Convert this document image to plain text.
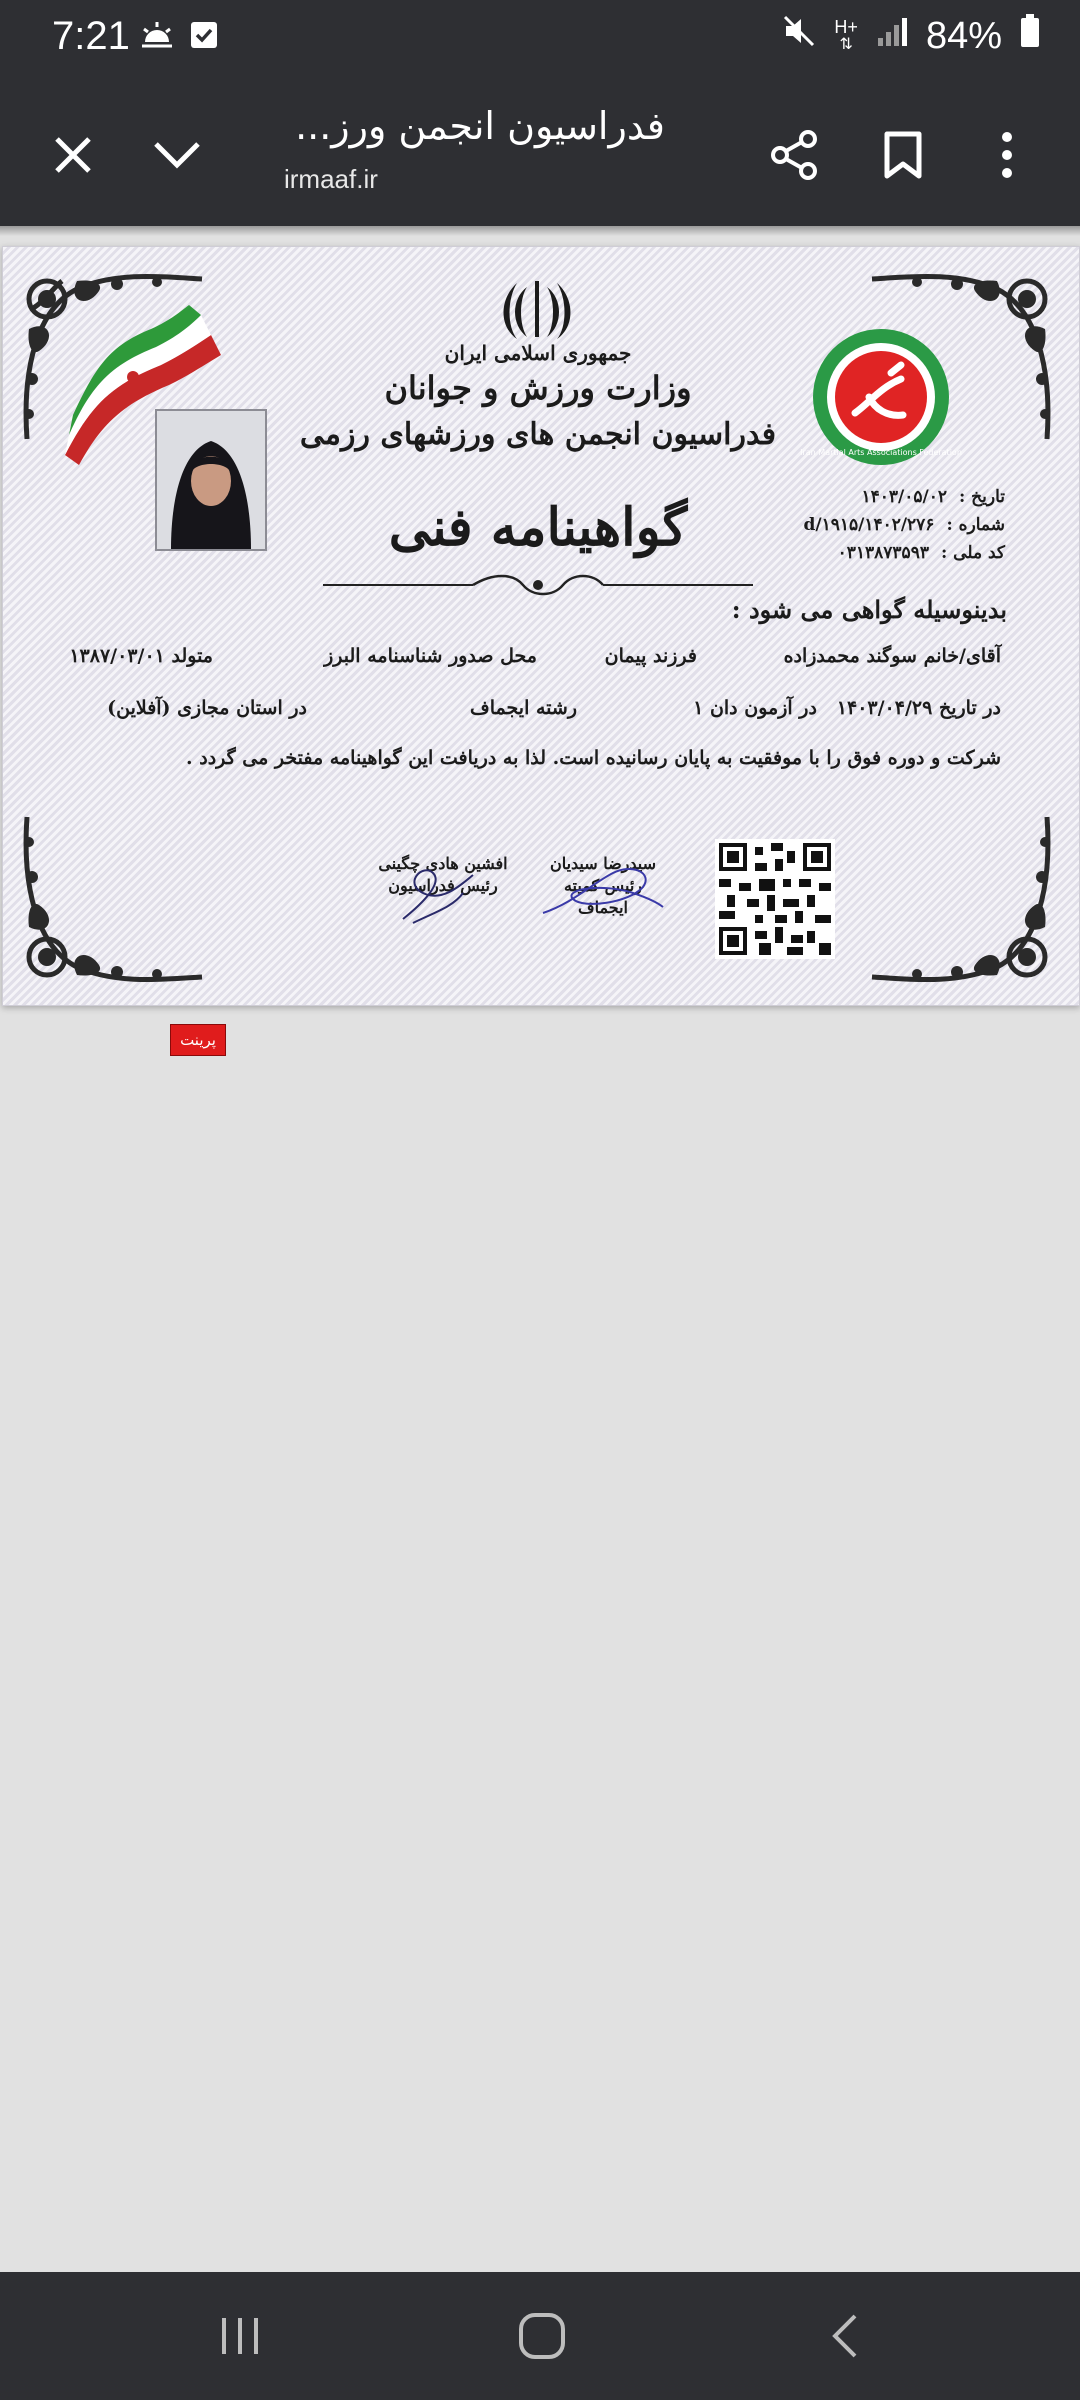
7:21	H+
⇅ 84%
فدراسیون انجمن ورز...
irmaaf.ir
جمهوری اسلامی ایران
وزارت ورزش و جوانان
فدراسیون انجمن های ورزشهای رزمی
گواهینامه فنی
Iran Martial Arts Associations Federation
تاریخ :
۱۴۰۳/۰۵/۰۲
شماره :
۱۴۰۲/۲۷۶/d/۱۹۱۵
کد ملی :
۰۳۱۳۸۷۳۵۹۳
بدینوسیله گواهی می شود :
آقای/خانم سوگند محمدزاده
فرزند پیمان
محل صدور شناسنامه البرز
متولد ۱۳۸۷/۰۳/۰۱
در تاریخ ۱۴۰۳/۰۴/۲۹   در آزمون دان ۱
رشته ایجماف
در استان مجازی (آفلاین)
شرکت و دوره فوق را با موفقیت به پایان رسانیده است. لذا به دریافت این گواهینامه مفتخر می گردد .
سیدرضا سیدیان
رئیس کمیته
ایجماف
افشین هادی چگینی
رئیس فدراسیون
پرینت
